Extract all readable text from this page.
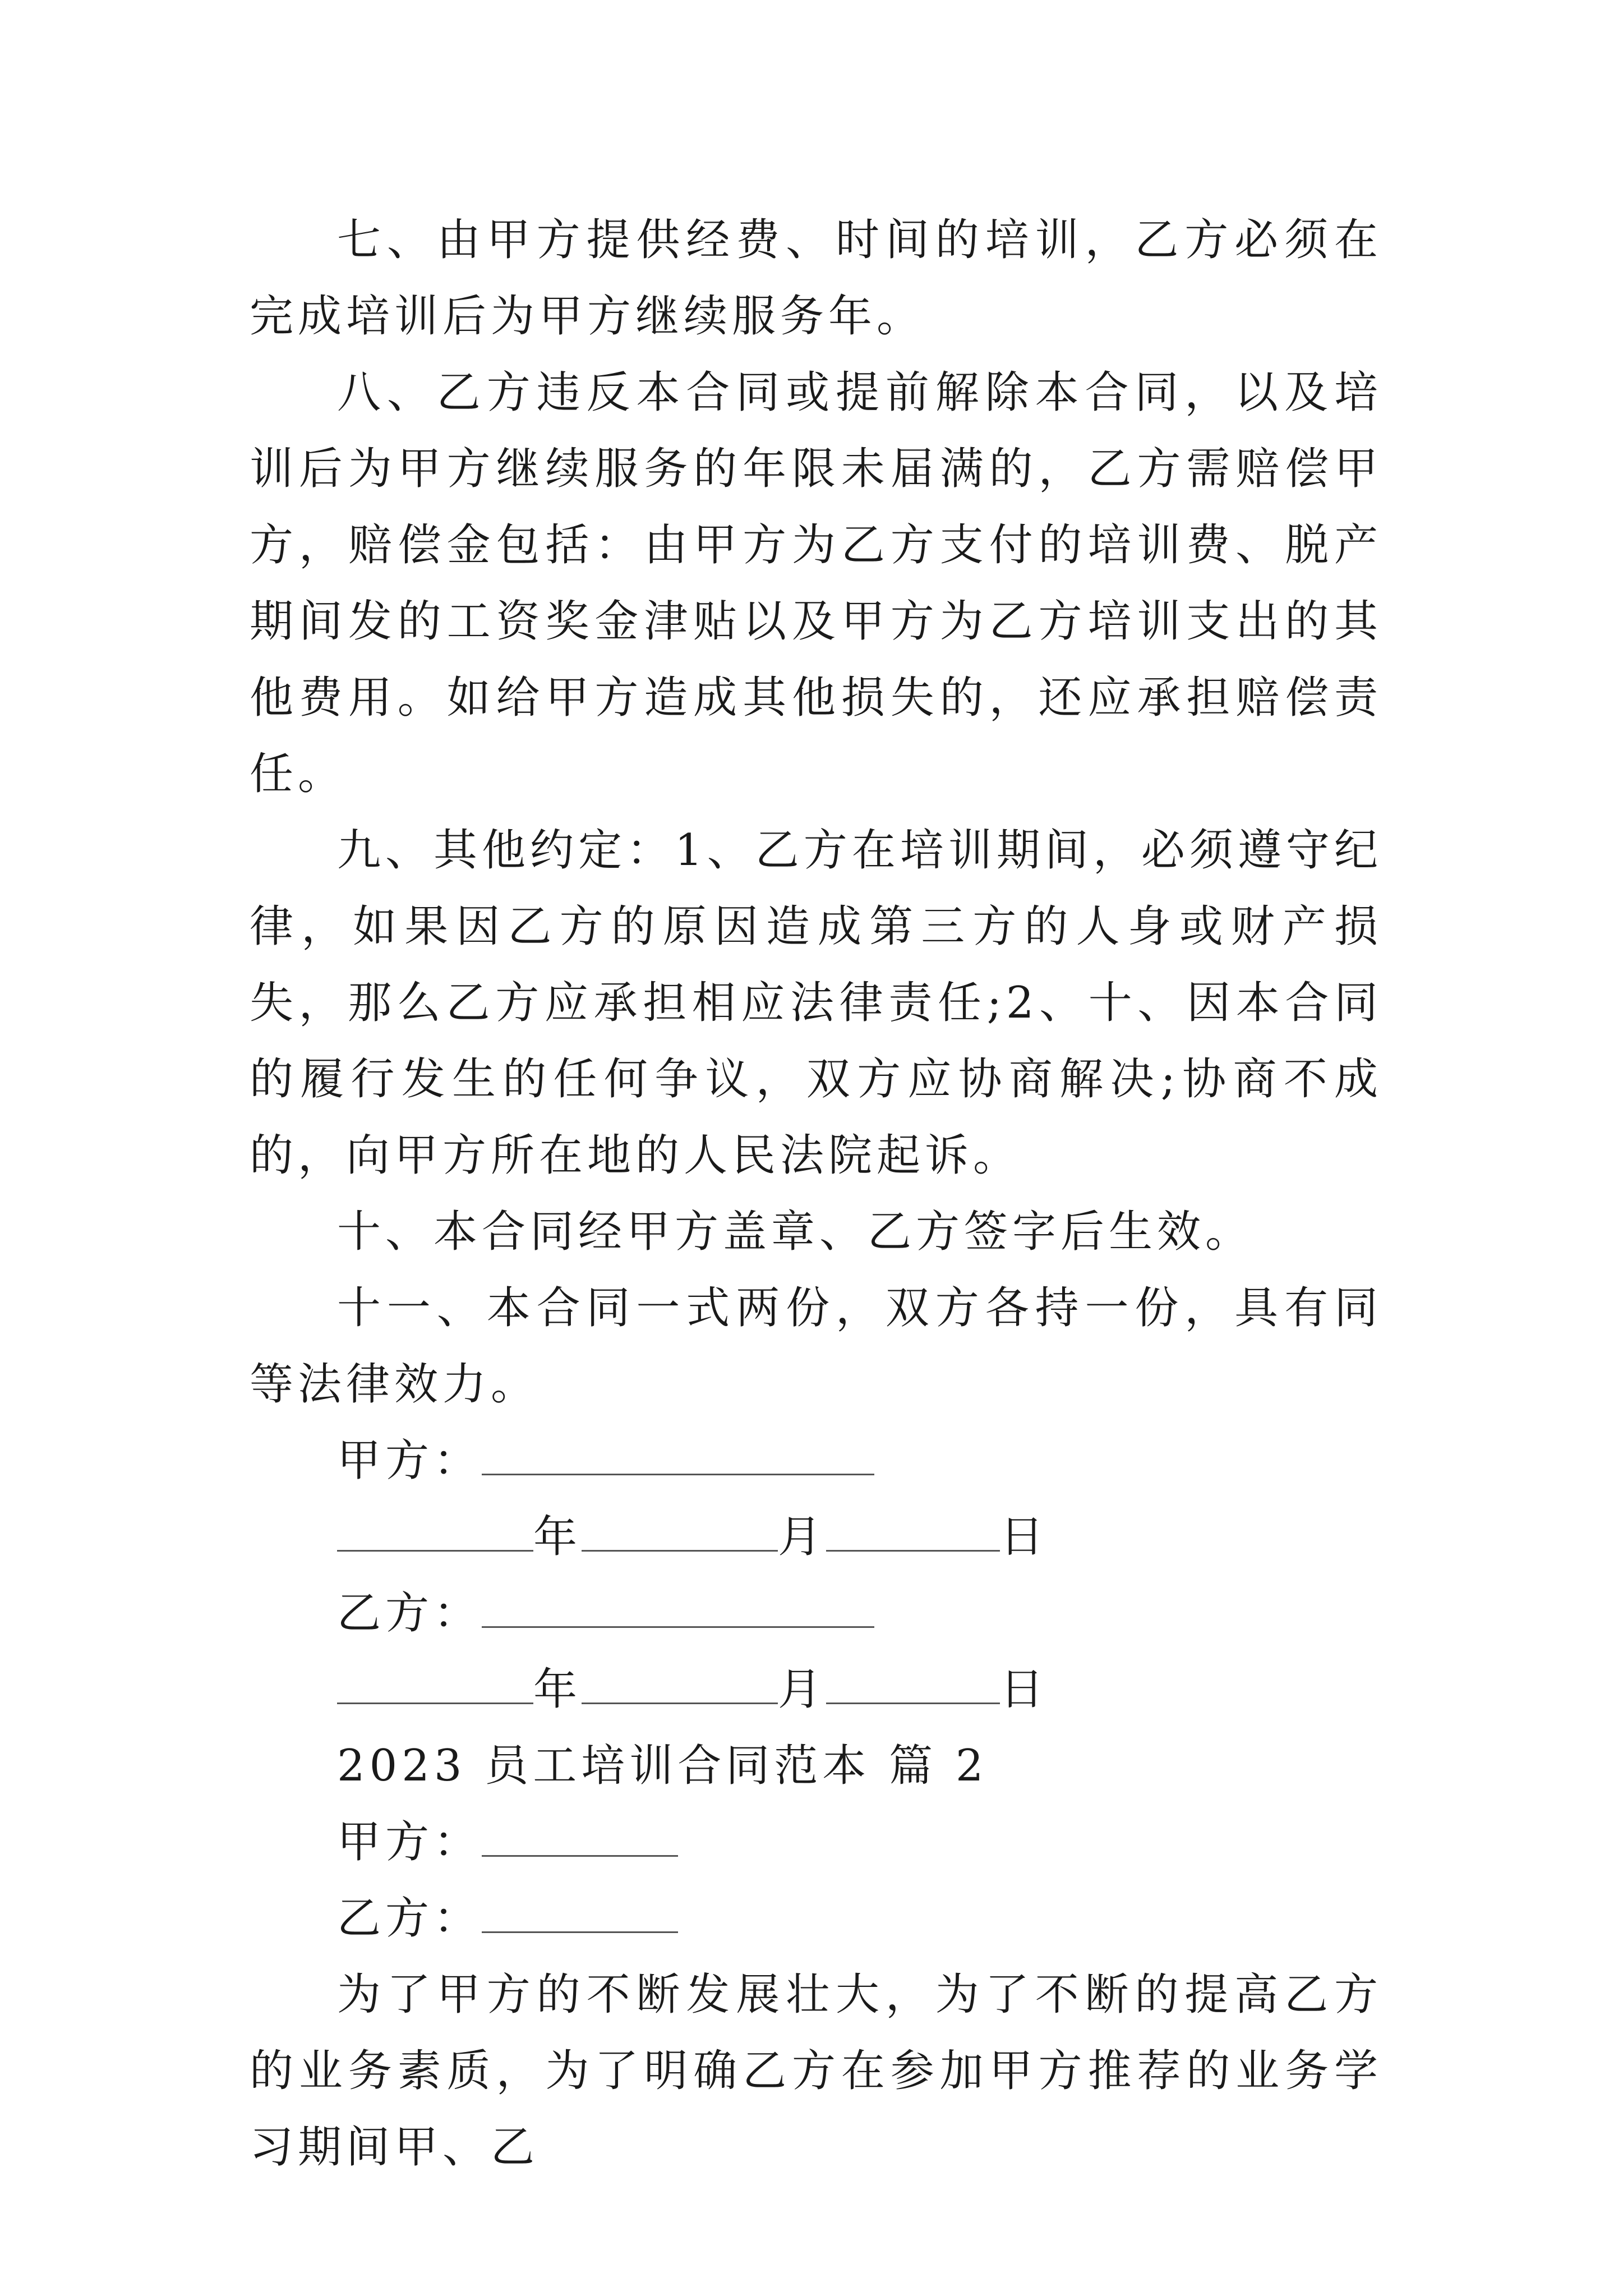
七、由甲方提供经费、时间的培训，乙方必须在完成培训后为甲方继续服务年。

八、乙方违反本合同或提前解除本合同，以及培训后为甲方继续服务的年限未届满的，乙方需赔偿甲方，赔偿金包括：由甲方为乙方支付的培训费、脱产期间发的工资奖金津贴以及甲方为乙方培训支出的其他费用。如给甲方造成其他损失的，还应承担赔偿责任。

九、其他约定：1、乙方在培训期间，必须遵守纪律，如果因乙方的原因造成第三方的人身或财产损失，那么乙方应承担相应法律责任;2、十、因本合同的履行发生的任何争议，双方应协商解决;协商不成的，向甲方所在地的人民法院起诉。

十、本合同经甲方盖章、乙方签字后生效。

十一、本合同一式两份，双方各持一份，具有同等法律效力。

甲方：

年	月	日

乙方：

年	月	日

2023 员工培训合同范本 篇 2

甲方：

乙方：

为了甲方的不断发展壮大，为了不断的提高乙方的业务素质，为了明确乙方在参加甲方推荐的业务学习期间甲、乙
